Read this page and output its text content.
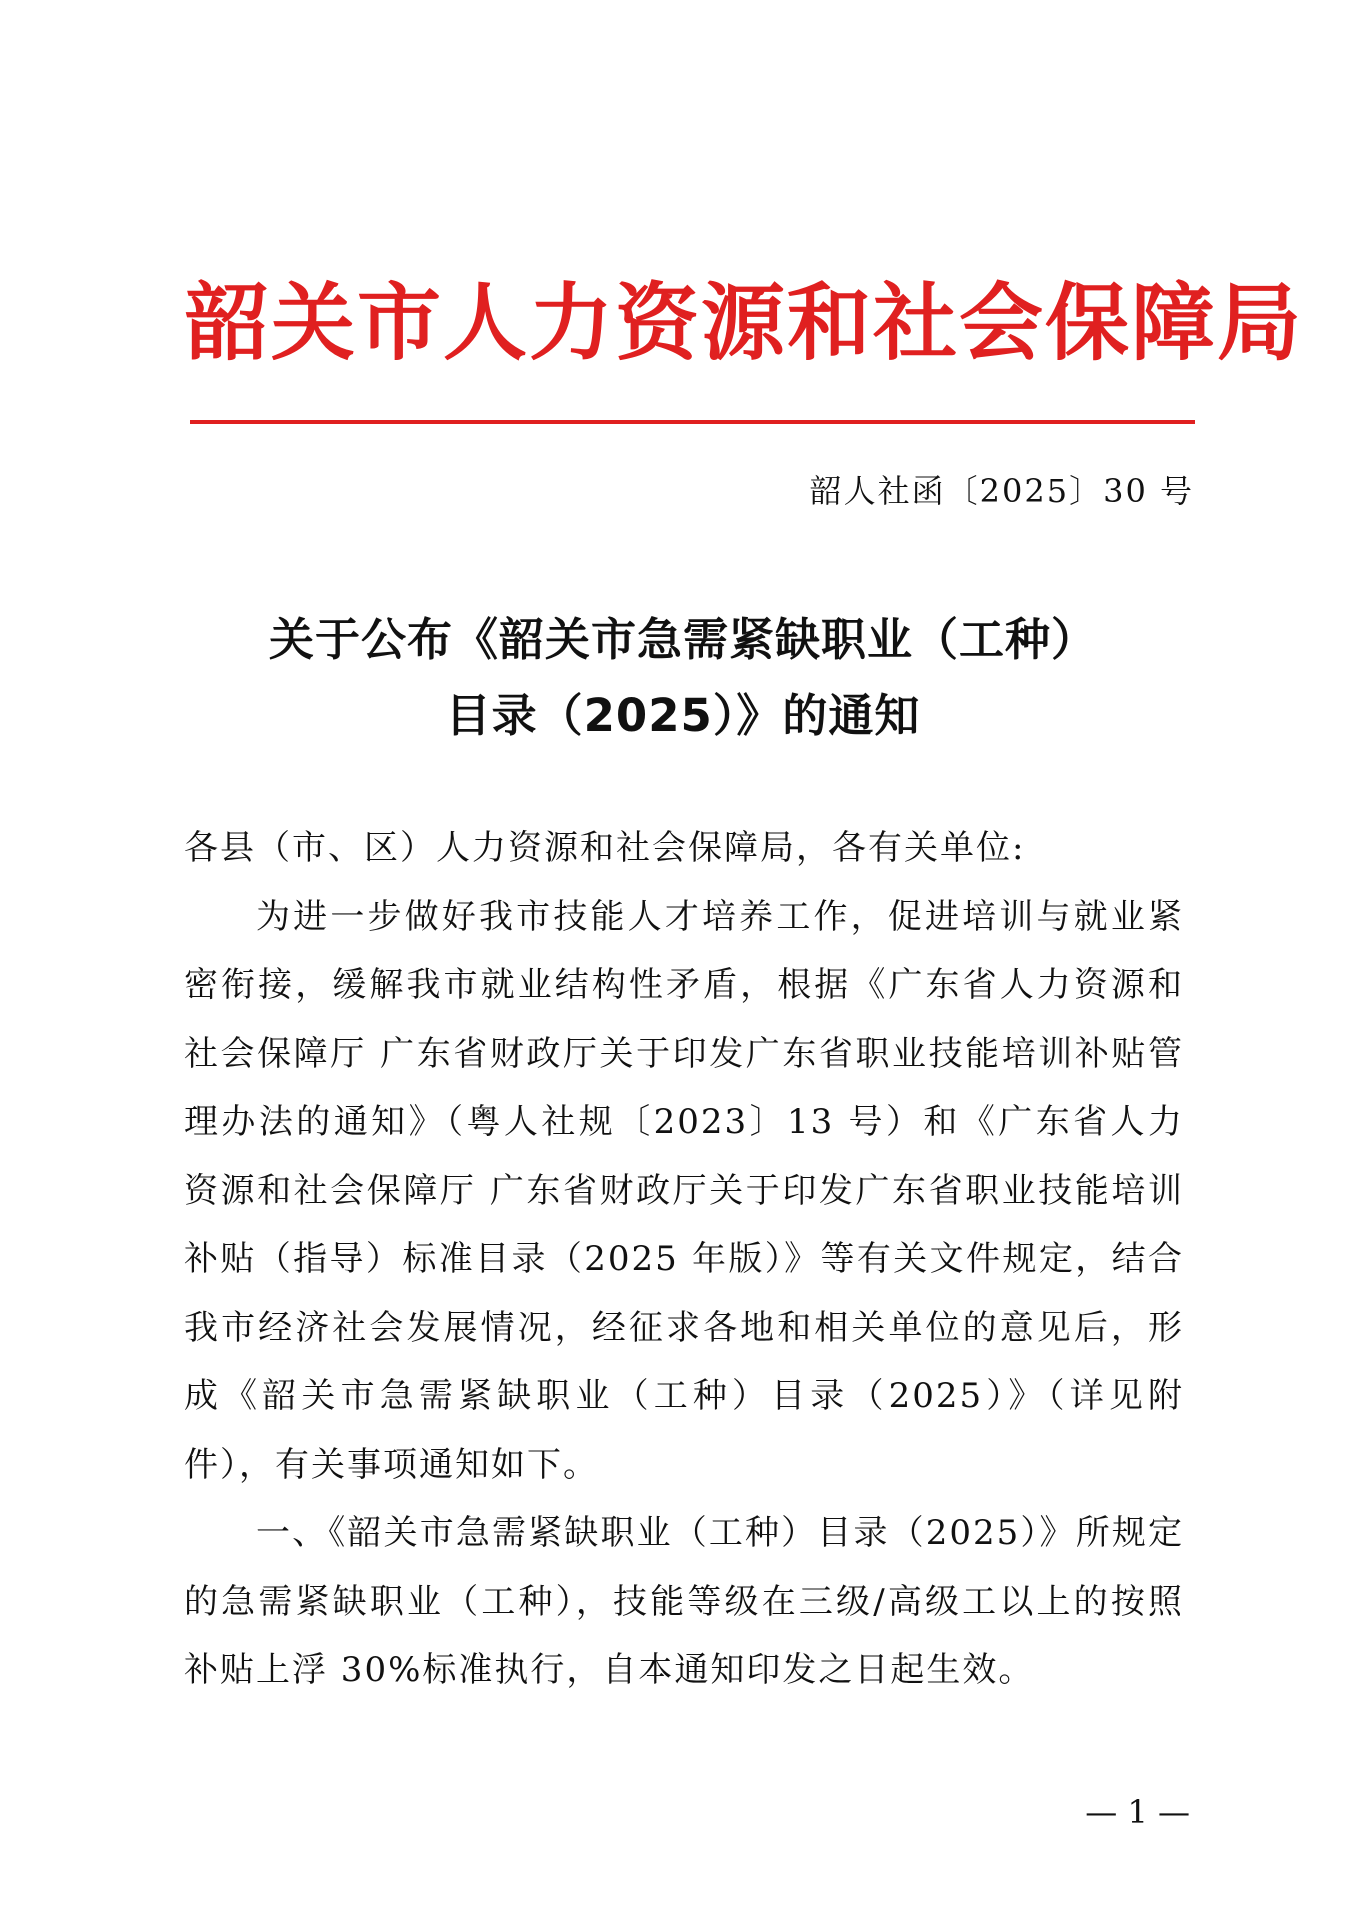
韶关市人力资源和社会保障局
韶人社函〔2025〕30 号
关于公布《韶关市急需紧缺职业（工种）
目录（2025）》的通知

各县（市、区）人力资源和社会保障局，各有关单位:

为进一步做好我市技能人才培养工作，促进培训与就业紧密衔接，缓解我市就业结构性矛盾，根据《广东省人力资源和社会保障厅 广东省财政厅关于印发广东省职业技能培训补贴管理办法的通知》（粤人社规〔2023〕13 号）和《广东省人力资源和社会保障厅 广东省财政厅关于印发广东省职业技能培训补贴（指导）标准目录（2025 年版）》等有关文件规定，结合我市经济社会发展情况，经征求各地和相关单位的意见后，形成《韶关市急需紧缺职业（工种）目录（2025）》（详见附件），有关事项通知如下。

一、《韶关市急需紧缺职业（工种）目录（2025）》所规定的急需紧缺职业（工种），技能等级在三级/高级工以上的按照补贴上浮 30%标准执行，自本通知印发之日起生效。

— 1 —
